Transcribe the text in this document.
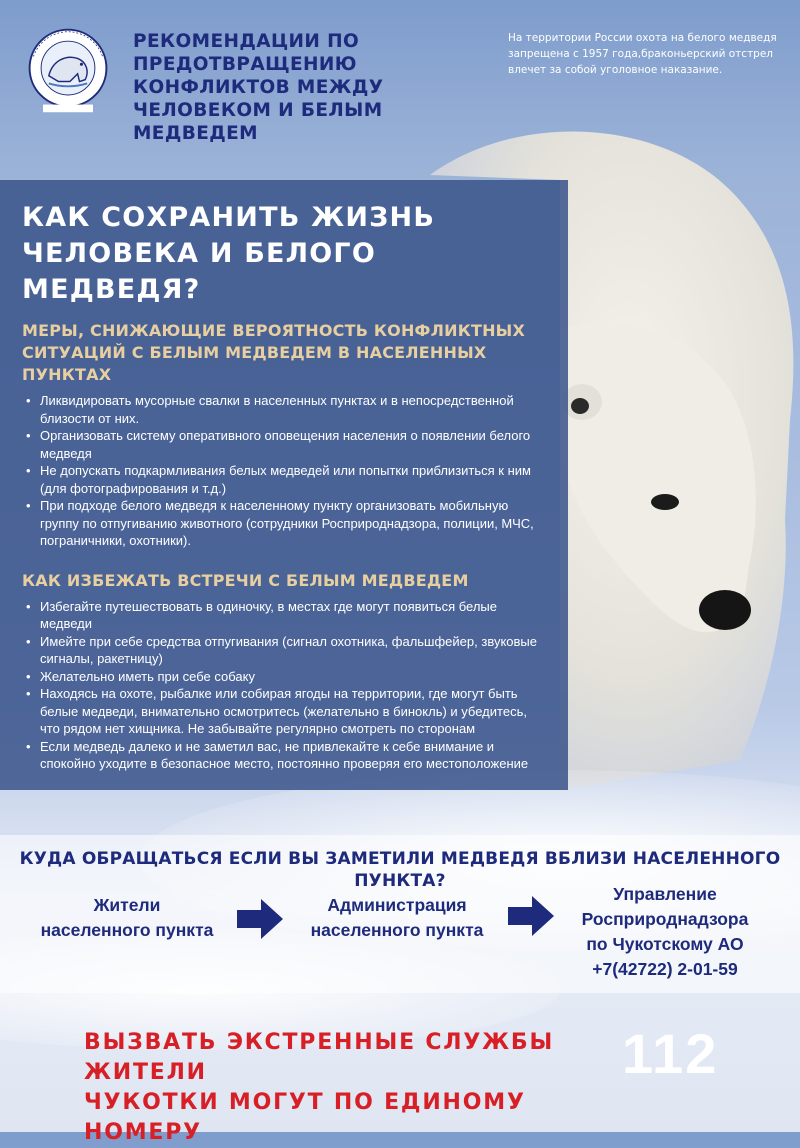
РЕКОМЕНДАЦИИ ПО ПРЕДОТВРАЩЕНИЮ КОНФЛИКТОВ МЕЖДУ ЧЕЛОВЕКОМ И БЕЛЫМ МЕДВЕДЕМ
На территории России охота на белого медведя запрещена с 1957 года,браконьерский отстрел влечет за собой уголовное наказание.
КАК СОХРАНИТЬ ЖИЗНЬ ЧЕЛОВЕКА И БЕЛОГО МЕДВЕДЯ?
МЕРЫ, СНИЖАЮЩИЕ ВЕРОЯТНОСТЬ КОНФЛИКТНЫХ СИТУАЦИЙ С БЕЛЫМ МЕДВЕДЕМ В НАСЕЛЕННЫХ ПУНКТАХ
• Ликвидировать мусорные свалки в населенных пунктах и в непосредственной близости от них.
• Организовать систему оперативного оповещения населения о появлении белого медведя
• Не допускать подкармливания белых медведей или попытки приблизиться к ним (для фотографирования и т.д.)
• При подходе белого медведя к населенному пункту организовать мобильную группу по отпугиванию животного (сотрудники Росприроднадзора, полиции, МЧС, пограничники, охотники).
КАК ИЗБЕЖАТЬ ВСТРЕЧИ С БЕЛЫМ МЕДВЕДЕМ
• Избегайте путешествовать в одиночку, в местах где могут появиться белые медведи
• Имейте при себе средства отпугивания (сигнал охотника, фальшфейер, звуковые сигналы, ракетницу)
• Желательно иметь при себе собаку
• Находясь на охоте, рыбалке или собирая ягоды на территории, где могут быть белые медведи, внимательно осмотритесь (желательно в бинокль) и убедитесь, что рядом нет хищника. Не забывайте регулярно смотреть по сторонам
• Если медведь далеко и не заметил вас, не привлекайте к себе внимание и спокойно уходите в безопасное место, постоянно проверяя его местоположение
КУДА ОБРАЩАТЬСЯ ЕСЛИ ВЫ ЗАМЕТИЛИ МЕДВЕДЯ ВБЛИЗИ НАСЕЛЕННОГО ПУНКТА?
Жители
населенного пункта
Администрация
населенного пункта
Управление
Росприроднадзора
по Чукотскому АО
+7(42722) 2-01-59
ВЫЗВАТЬ ЭКСТРЕННЫЕ СЛУЖБЫ ЖИТЕЛИ
ЧУКОТКИ МОГУТ ПО ЕДИНОМУ НОМЕРУ
112
